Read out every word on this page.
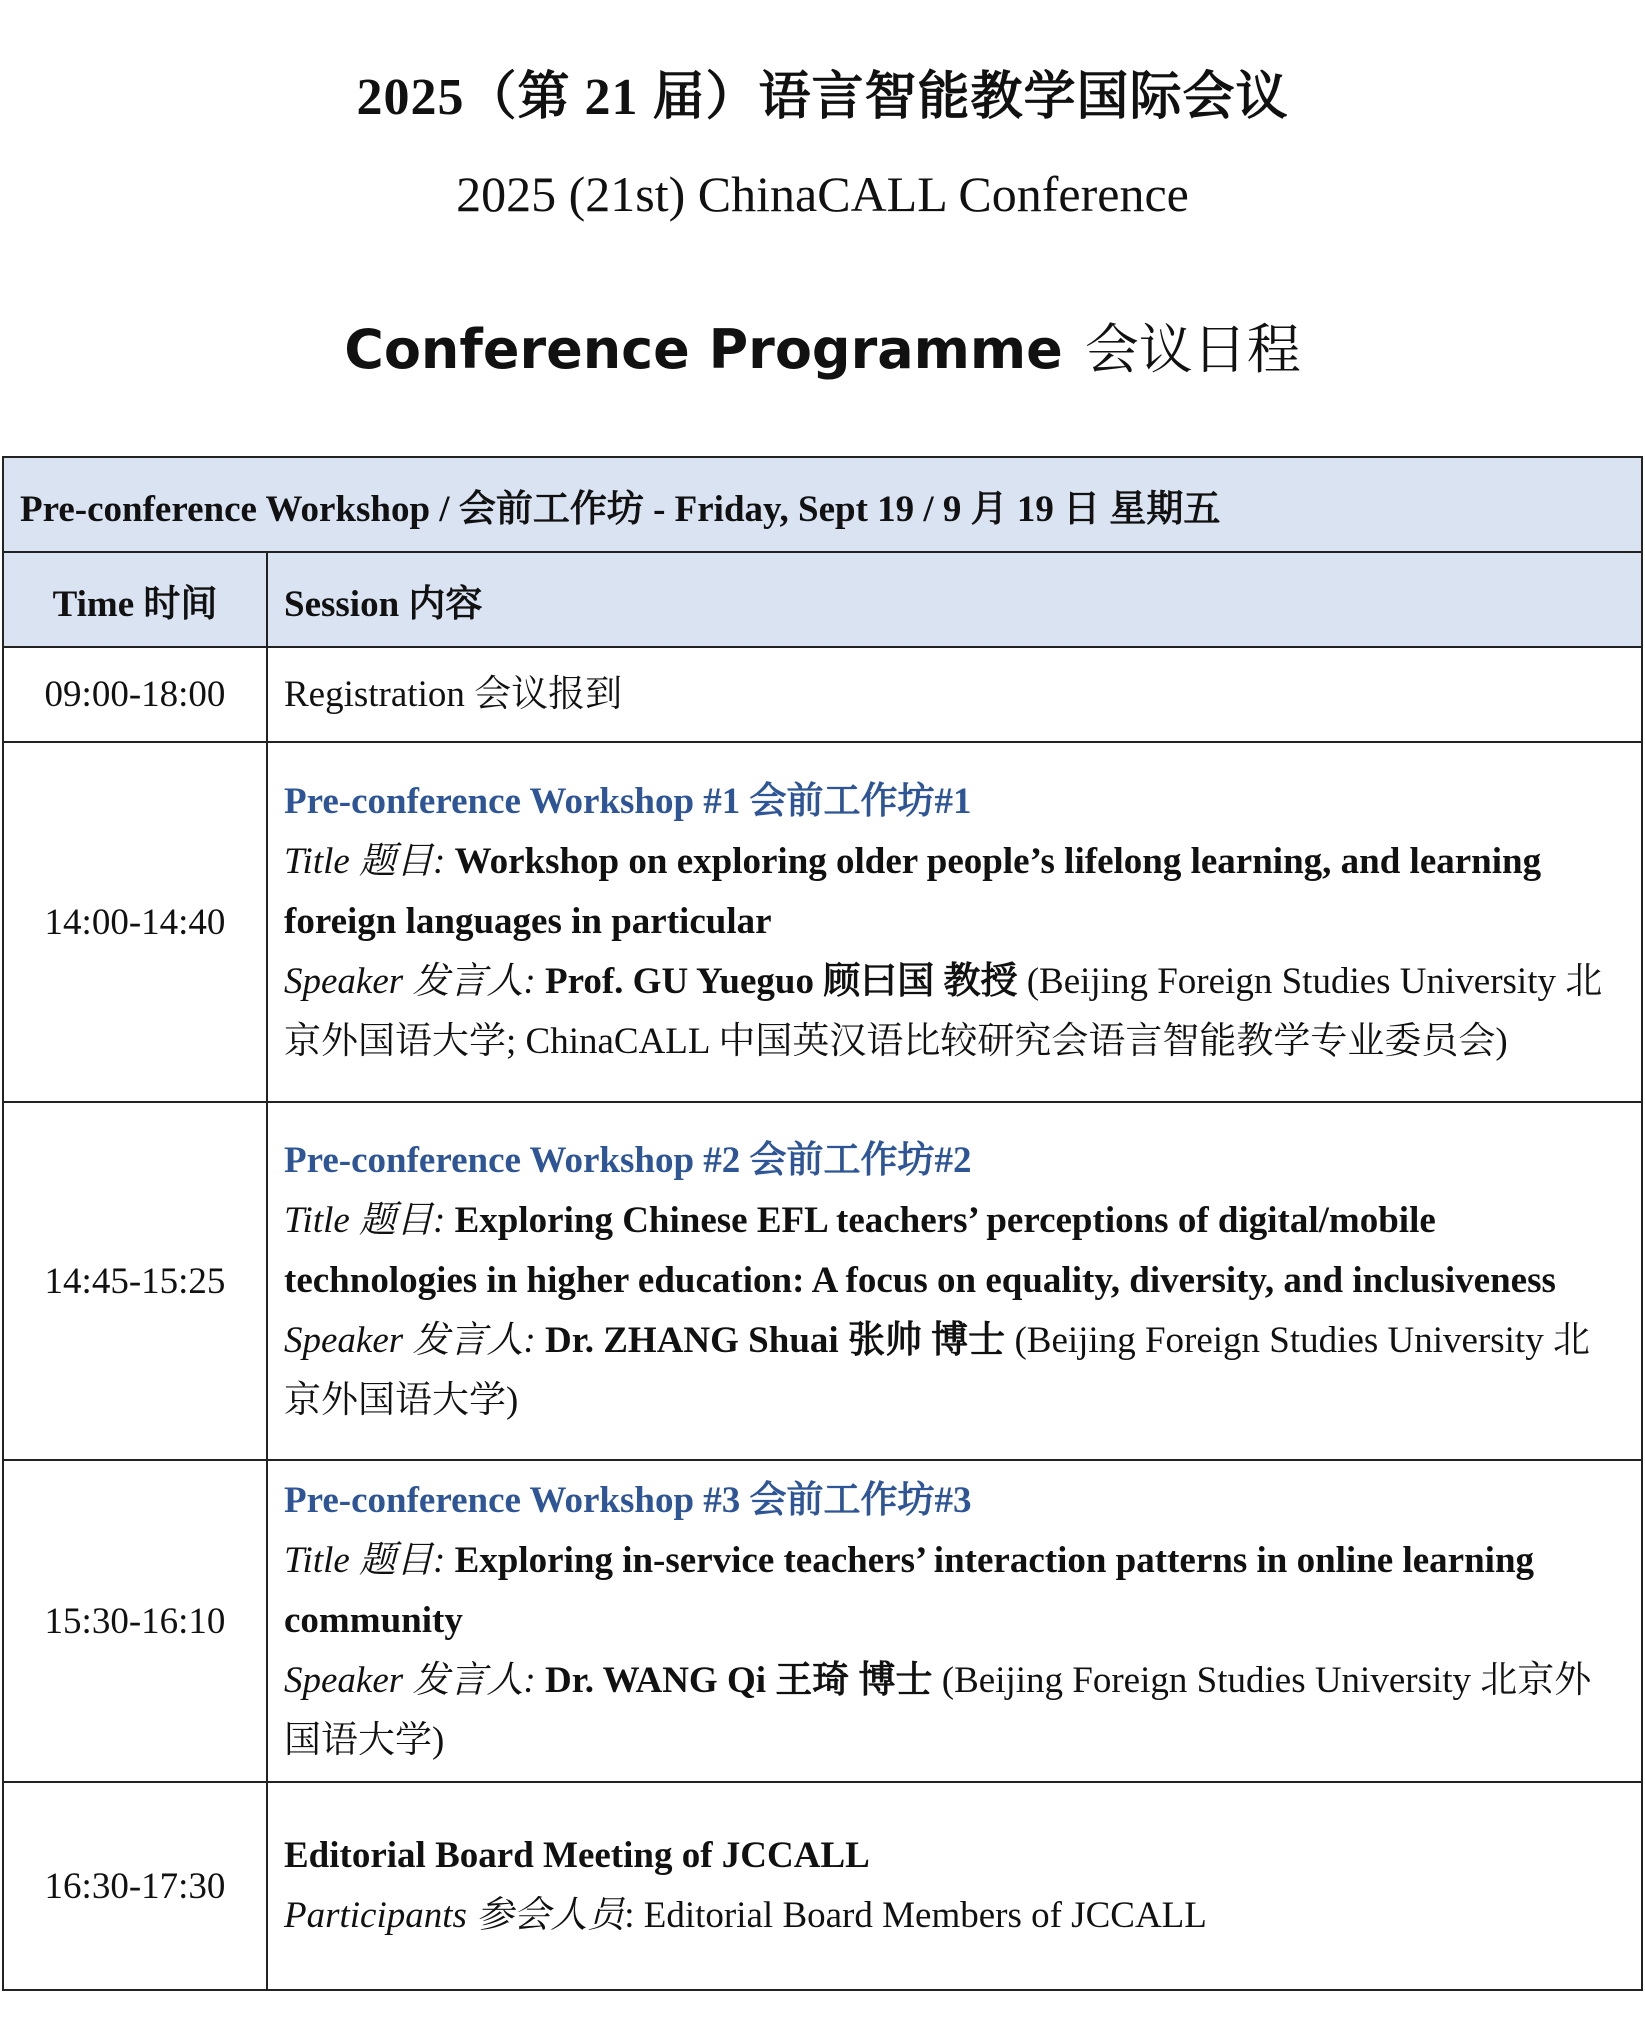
2025（第 21 届）语言智能教学国际会议
2025 (21st) ChinaCALL Conference
Conference Programme 会议日程
Pre-conference Workshop / 会前工作坊 - Friday, Sept 19 / 9 月 19 日 星期五	
Time 时间	Session 内容
09:00-18:00	Registration 会议报到
14:00-14:40	Pre-conference Workshop #1 会前工作坊#1
Title 题目: Workshop on exploring older people’s lifelong learning, and learning foreign languages in particular
Speaker 发言人: Prof. GU Yueguo 顾曰国 教授 (Beijing Foreign Studies University 北京外国语大学; ChinaCALL 中国英汉语比较研究会语言智能教学专业委员会)

14:45-15:25	Pre-conference Workshop #2 会前工作坊#2
Title 题目: Exploring Chinese EFL teachers’ perceptions of digital/mobile technologies in higher education: A focus on equality, diversity, and inclusiveness
Speaker 发言人: Dr. ZHANG Shuai 张帅 博士 (Beijing Foreign Studies University 北京外国语大学)

15:30-16:10	Pre-conference Workshop #3 会前工作坊#3
Title 题目: Exploring in-service teachers’ interaction patterns in online learning community
Speaker 发言人: Dr. WANG Qi 王琦 博士 (Beijing Foreign Studies University 北京外国语大学)

16:30-17:30	Editorial Board Meeting of JCCALL
Participants 参会人员: Editorial Board Members of JCCALL
